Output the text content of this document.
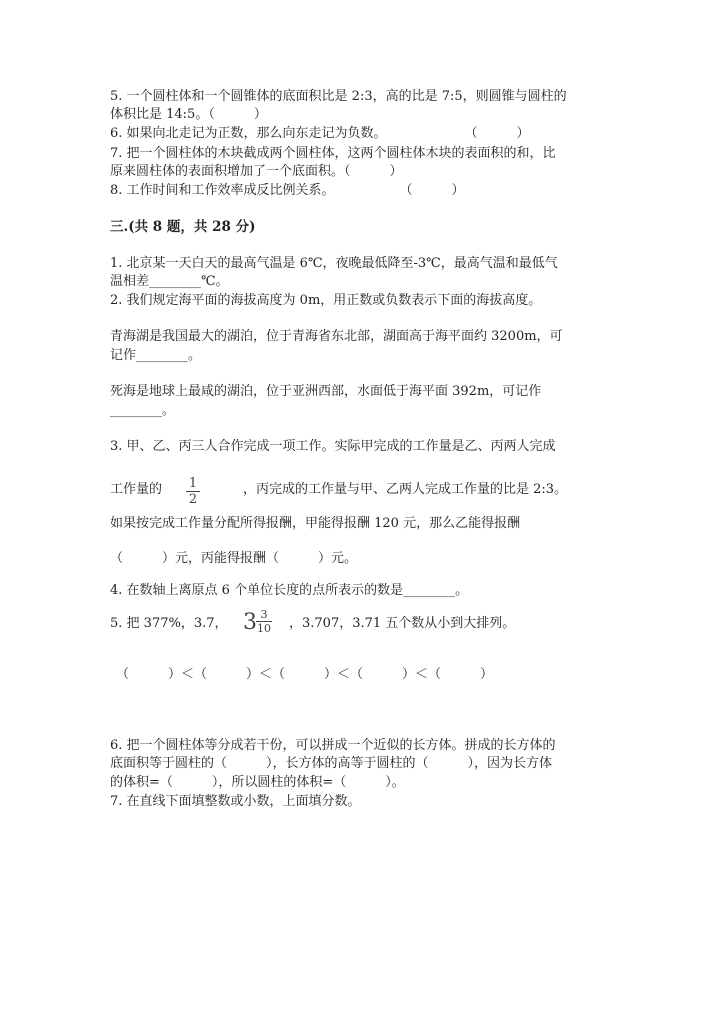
5. 一个圆柱体和一个圆锥体的底面积比是 2:3，高的比是 7:5，则圆锥与圆柱的

体积比是 14:5。（　　　）

6. 如果向北走记为正数，那么向东走记为负数。　　　　　　　（　　　）

7. 把一个圆柱体的木块截成两个圆柱体，这两个圆柱体木块的表面积的和，比

原来圆柱体的表面积增加了一个底面积。（　　　）

8. 工作时间和工作效率成反比例关系。　　　　　　（　　　）

三.(共 8 题，共 28 分)

1. 北京某一天白天的最高气温是 6℃，夜晚最低降至-3℃，最高气温和最低气

温相差________℃。

2. 我们规定海平面的海拔高度为 0m，用正数或负数表示下面的海拔高度。

青海湖是我国最大的湖泊，位于青海省东北部，湖面高于海平面约 3200m，可

记作________。

死海是地球上最咸的湖泊，位于亚洲西部，水面低于海平面 392m，可记作

________。

3. 甲、乙、丙三人合作完成一项工作。实际甲完成的工作量是乙、丙两人完成

工作量的 1
2

，丙完成的工作量与甲、乙两人完成工作量的比是 2:3。

如果按完成工作量分配所得报酬，甲能得报酬 120 元，那么乙能得报酬

（　　　）元，丙能得报酬（　　　）元。

4. 在数轴上离原点 6 个单位长度的点所表示的数是________。

5. 把 377%，3.7， 3 3
10 ，3.707，3.71 五个数从小到大排列。

（　　　）＜（　　　）＜（　　　）＜（　　　）＜（　　　）

6. 把一个圆柱体等分成若干份，可以拼成一个近似的长方体。拼成的长方体的

底面积等于圆柱的（　　　），长方体的高等于圆柱的（　　　），因为长方体

的体积=（　　　），所以圆柱的体积=（　　　）。

7. 在直线下面填整数或小数，上面填分数。
